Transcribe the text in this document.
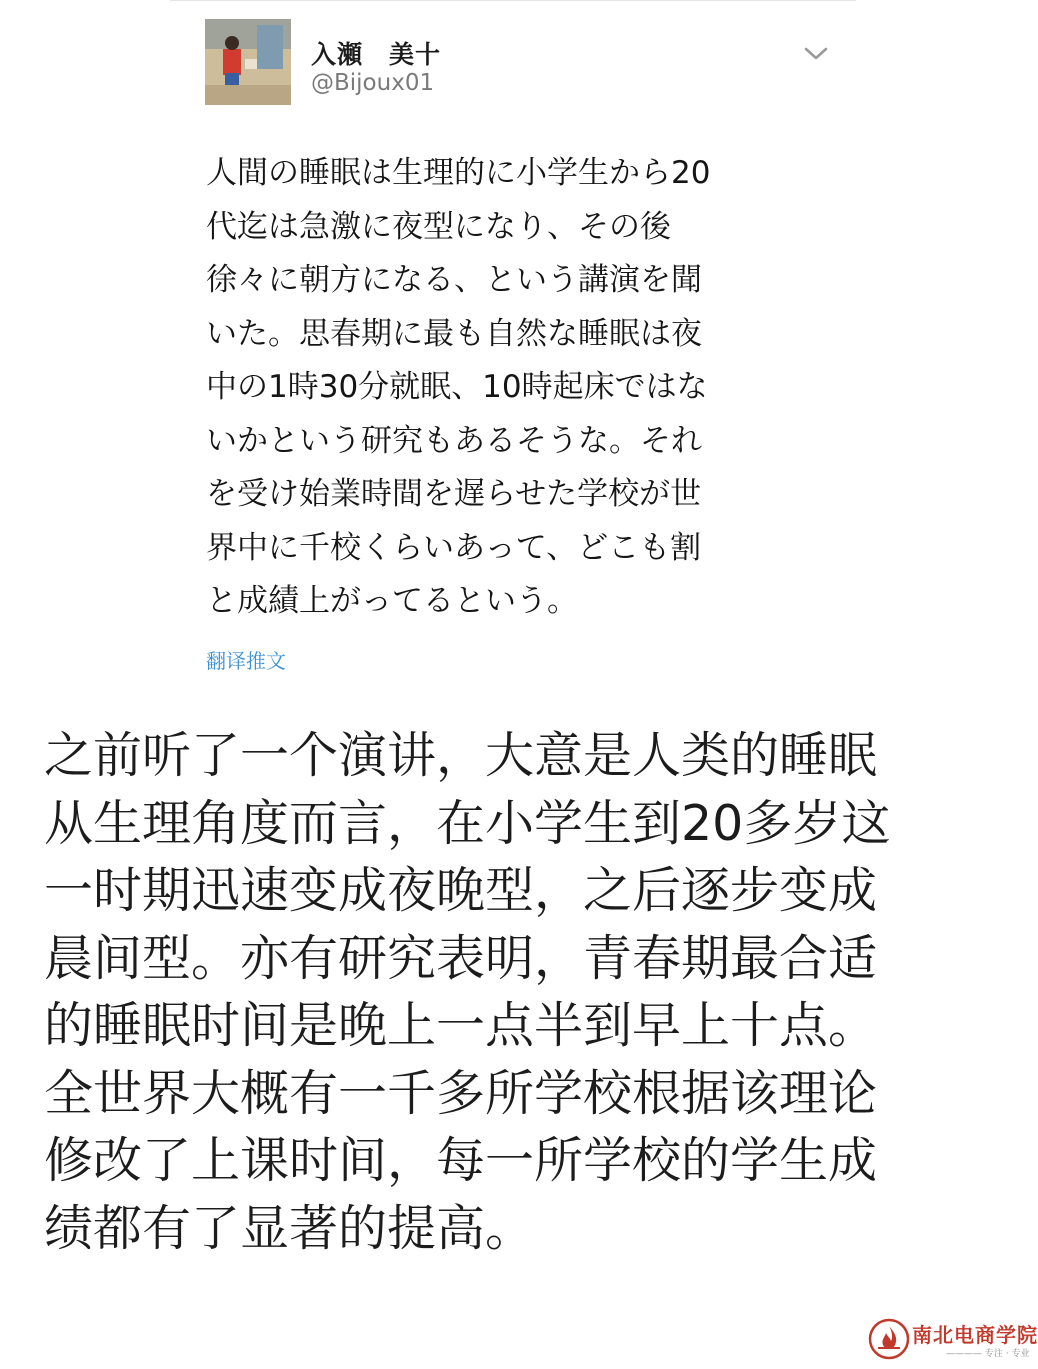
入瀬　美十
@Bijoux01

人間の睡眠は生理的に小学生から20
代迄は急激に夜型になり、その後
徐々に朝方になる、という講演を聞
いた。思春期に最も自然な睡眠は夜
中の1時30分就眠、10時起床ではな
いかという研究もあるそうな。それ
を受け始業時間を遅らせた学校が世
界中に千校くらいあって、どこも割
と成績上がってるという。

翻译推文

之前听了一个演讲，大意是人类的睡眠
从生理角度而言，在小学生到20多岁这
一时期迅速变成夜晚型，之后逐步变成
晨间型。亦有研究表明，青春期最合适
的睡眠时间是晚上一点半到早上十点。
全世界大概有一千多所学校根据该理论
修改了上课时间，每一所学校的学生成
绩都有了显著的提高。

南北电商学院
———— 专注 · 专业
